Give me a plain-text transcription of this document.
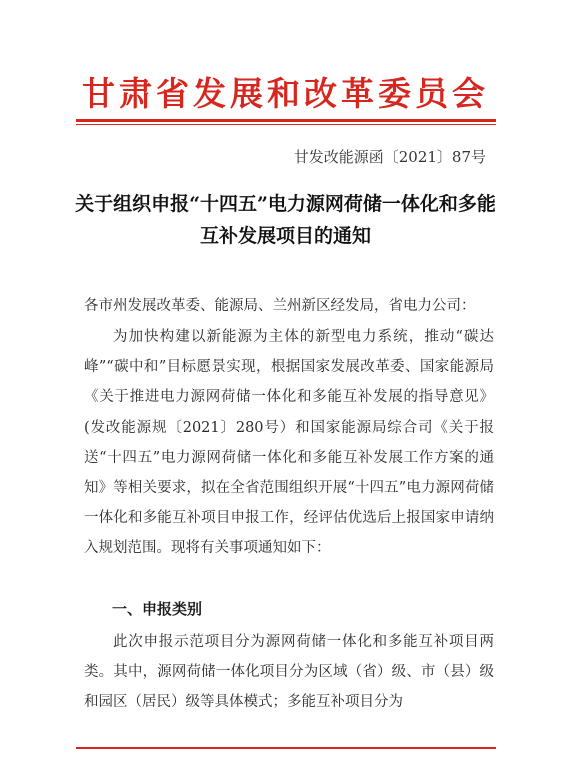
甘肃省发展和改革委员会
甘发改能源函〔2021〕87号
关于组织申报“十四五”电力源网荷储一体化和多能互补发展项目的通知
各市州发展改革委、能源局、兰州新区经发局，省电力公司：
为加快构建以新能源为主体的新型电力系统，推动“碳达峰”“碳中和”目标愿景实现，根据国家发展改革委、国家能源局《关于推进电力源网荷储一体化和多能互补发展的指导意见》(发改能源规〔2021〕280号）和国家能源局综合司《关于报送“十四五”电力源网荷储一体化和多能互补发展工作方案的通知》等相关要求，拟在全省范围组织开展“十四五”电力源网荷储一体化和多能互补项目申报工作，经评估优选后上报国家申请纳入规划范围。现将有关事项通知如下：
一、申报类别
此次申报示范项目分为源网荷储一体化和多能互补项目两类。其中，源网荷储一体化项目分为区域（省）级、市（县）级和园区（居民）级等具体模式；多能互补项目分为
